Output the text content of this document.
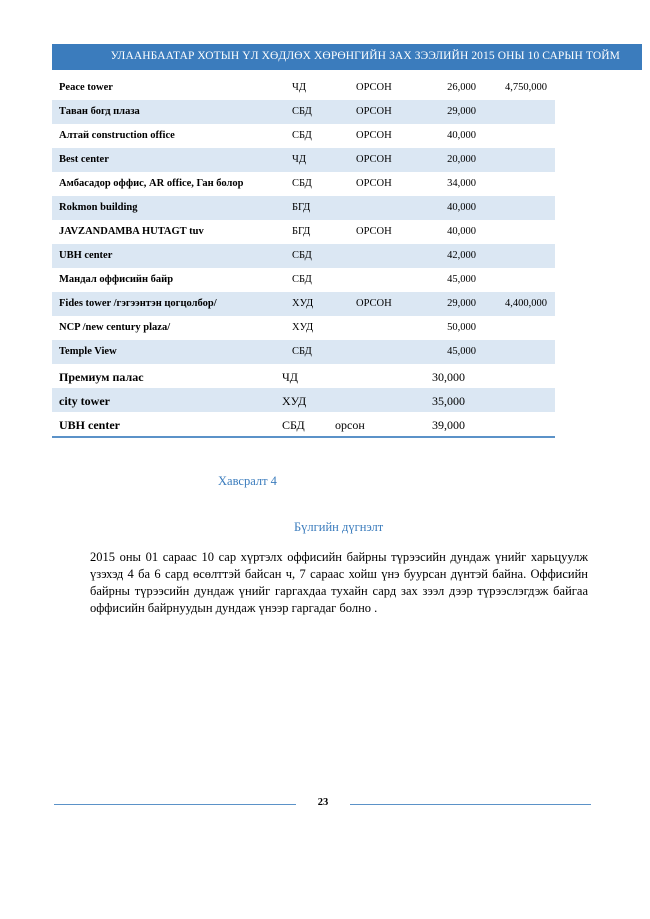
УЛААНБААТАР ХОТЫН ҮЛ ХӨДЛӨХ ХӨРӨНГИЙН ЗАХ ЗЭЭЛИЙН 2015 ОНЫ 10 САРЫН ТОЙМ
Peace tower	ЧД	ОРСОН	26,000	4,750,000
Таван богд плаза	СБД	ОРСОН	29,000
Алтай construction office	СБД	ОРСОН	40,000
Best center	ЧД	ОРСОН	20,000
Амбасадор оффис, AR office, Ган болор	СБД	ОРСОН	34,000
Rokmon building	БГД	40,000
JAVZANDAMBA HUTAGT tuv	БГД	ОРСОН	40,000
UBH center	СБД	42,000
Мандал оффисийн байр	СБД	45,000
Fides tower /гэгээнтэн цогцолбор/	ХУД	ОРСОН	29,000	4,400,000
NCP /new century plaza/	ХУД	50,000
Temple View	СБД	45,000
Премиум палас	ЧД	30,000
city tower	ХУД	35,000
UBH center	СБД	орсон	39,000
Хавсралт 4
Бүлгийн дүгнэлт
2015 оны 01 сараас 10 сар хүртэлх оффисийн байрны түрээсийн дундаж үнийг харьцуулж үзэхэд 4 ба 6 сард өсөлттэй байсан ч, 7 сараас хойш үнэ буурсан дүнтэй байна. Оффисийн байрны түрээсийн дундаж үнийг гаргахдаа тухайн сард зах зээл дээр түрээслэгдэж байгаа оффисийн байрнуудын дундаж үнээр гаргадаг болно .
23
